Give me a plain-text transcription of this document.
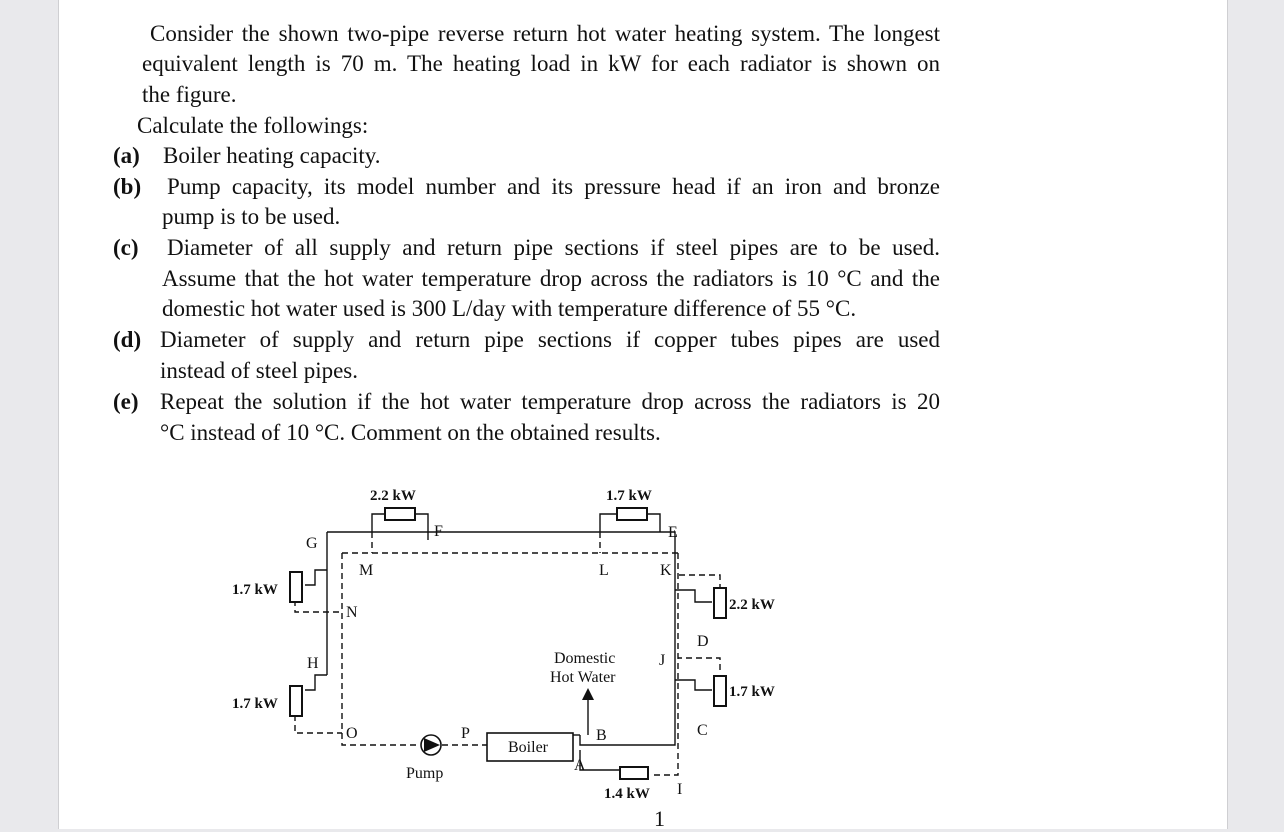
Consider the shown two-pipe reverse return hot water heating system. The longest

equivalent length is 70 m. The heating load in kW for each radiator is shown on

the figure.

Calculate the followings:

(a) Boiler heating capacity.
(b) Pump capacity, its model number and its pressure head if an iron and bronze
pump is to be used.
(c) Diameter of all supply and return pipe sections if steel pipes are to be used.
Assume that the hot water temperature drop across the radiators is 10 °C and the
domestic hot water used is 300 L/day with temperature difference of 55 °C.
(d) Diameter of supply and return pipe sections if copper tubes pipes are used
instead of steel pipes.
(e) Repeat the solution if the hot water temperature drop across the radiators is 20
°C instead of 10 °C. Comment on the obtained results.
2.2 kW	1.7 kW
1.7 kW
1.7 kW
2.2 kW
1.7 kW
1.4 kW
A
B	C
D
E
F
G
H
I
J
K
L
M
N
O	P
Boiler
Pump
Domestic
Hot Water
1
